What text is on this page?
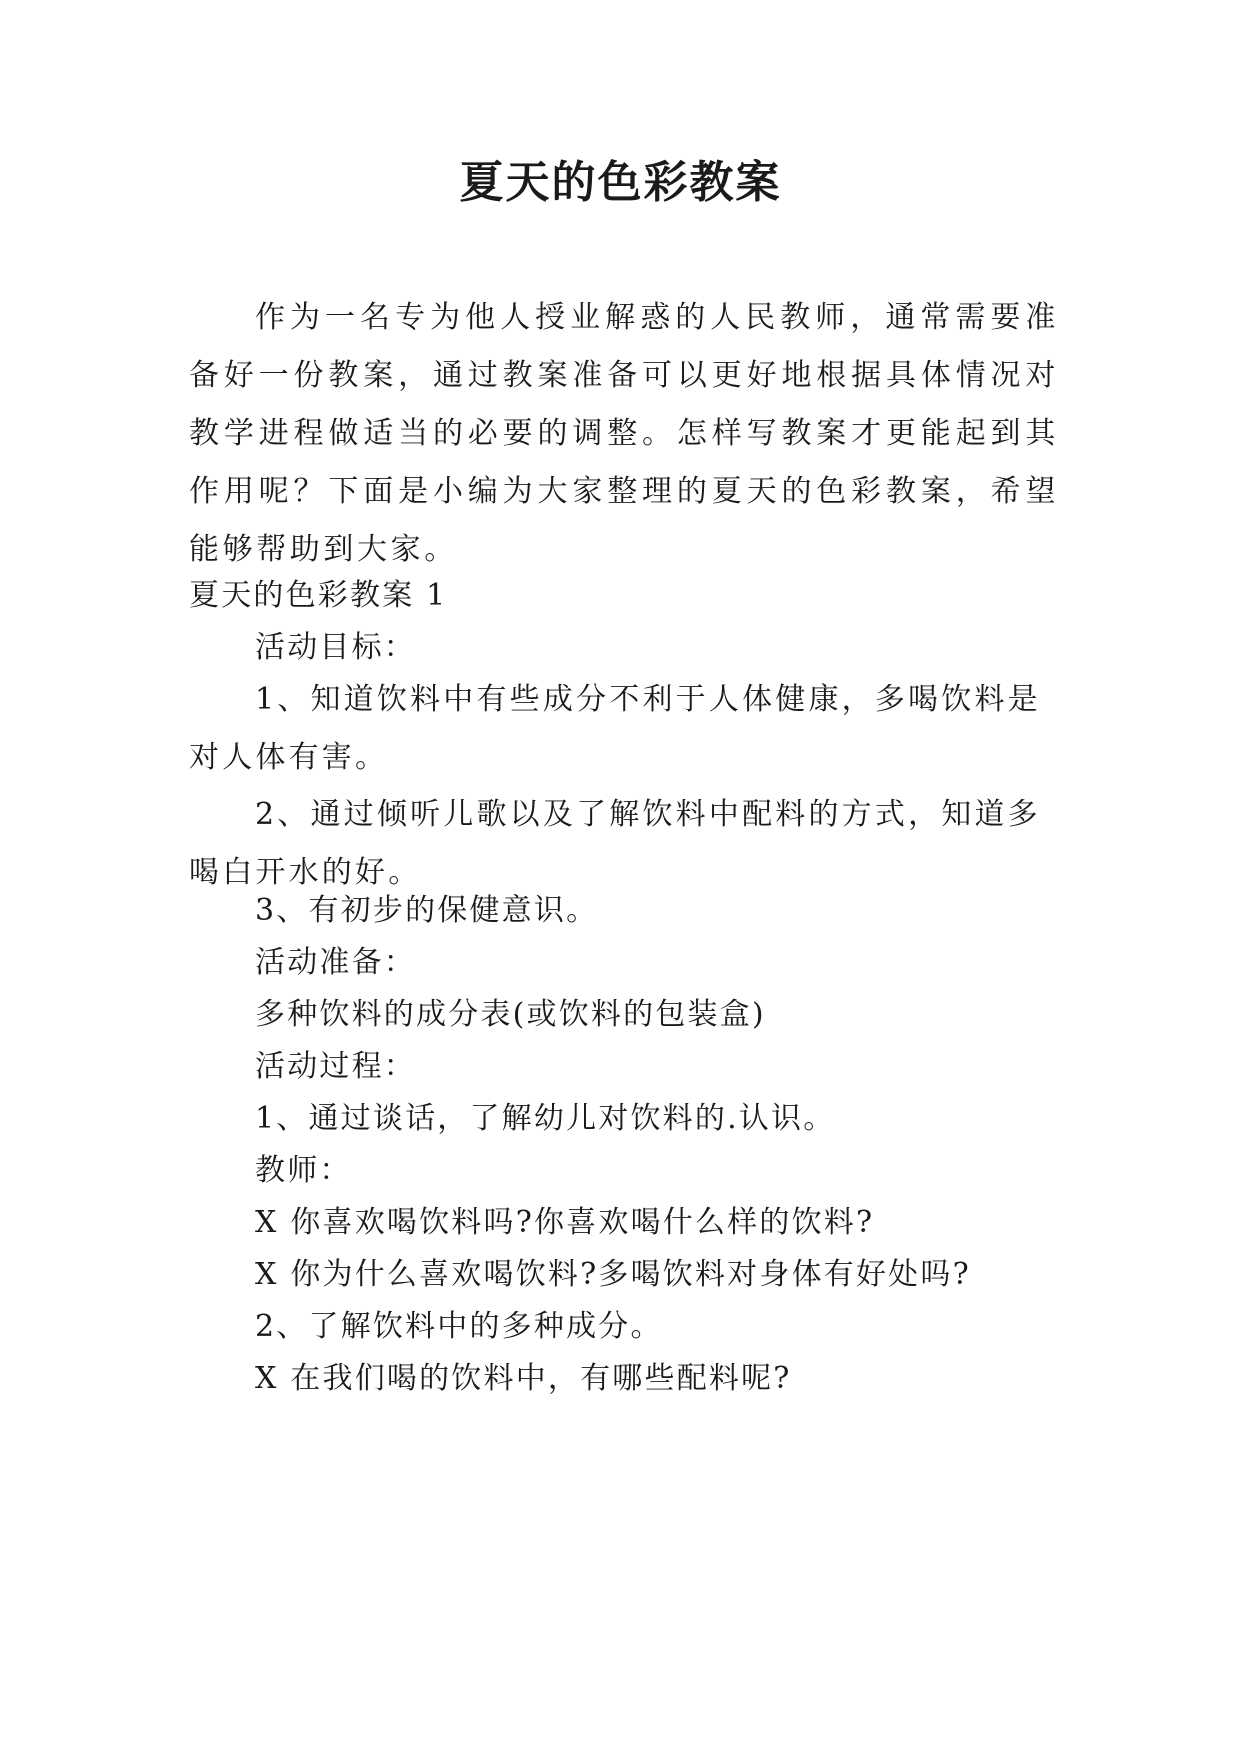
夏天的色彩教案

作为一名专为他人授业解惑的人民教师，通常需要准备好一份教案，通过教案准备可以更好地根据具体情况对教学进程做适当的必要的调整。怎样写教案才更能起到其作用呢？下面是小编为大家整理的夏天的色彩教案，希望能够帮助到大家。

夏天的色彩教案 1

活动目标：

1、知道饮料中有些成分不利于人体健康，多喝饮料是对人体有害。

2、通过倾听儿歌以及了解饮料中配料的方式，知道多喝白开水的好。

3、有初步的保健意识。

活动准备：

多种饮料的成分表(或饮料的包装盒)

活动过程：

1、通过谈话，了解幼儿对饮料的.认识。

教师：

X 你喜欢喝饮料吗?你喜欢喝什么样的饮料?

X 你为什么喜欢喝饮料?多喝饮料对身体有好处吗?

2、了解饮料中的多种成分。

X 在我们喝的饮料中，有哪些配料呢?
